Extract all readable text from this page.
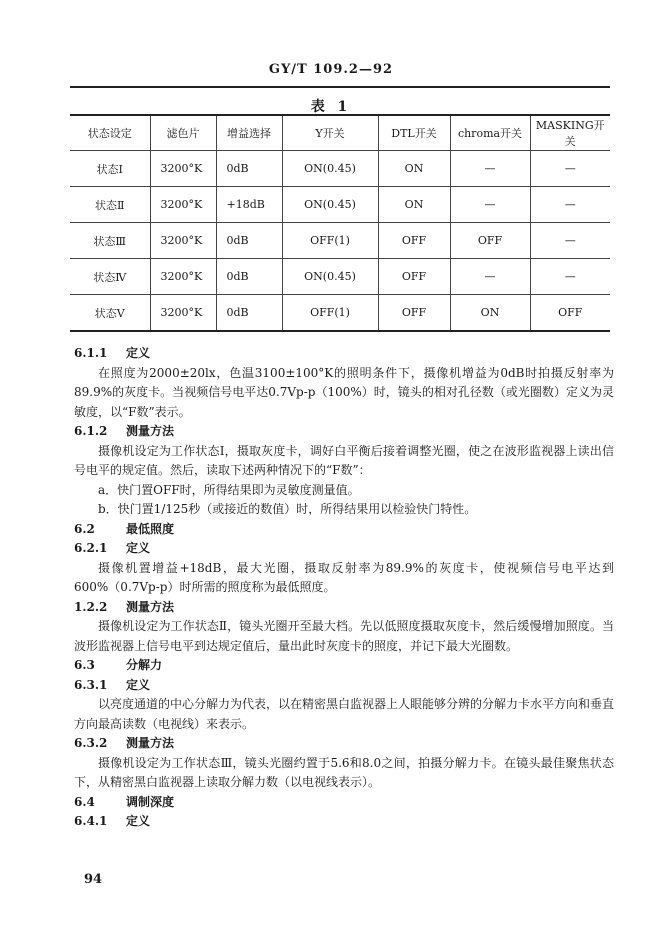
GY/T 109.2—92
表 1
状态设定	滤色片	增益选择	Y开关	DTL开关	chroma开关	MASKING开关
状态Ⅰ	3200°K	0dB	ON(0.45)	ON	—	—
状态Ⅱ	3200°K	+18dB	ON(0.45)	ON	—	—
状态Ⅲ	3200°K	0dB	OFF(1)	OFF	OFF	—
状态Ⅳ	3200°K	0dB	ON(0.45)	OFF	—	—
状态Ⅴ	3200°K	0dB	OFF(1)	OFF	ON	OFF

6.1.1 定义

在照度为2000±20lx，色温3100±100°K的照明条件下，摄像机增益为0dB时拍摄反射率为89.9%的灰度卡。当视频信号电平达0.7Vp-p（100%）时，镜头的相对孔径数（或光圈数）定义为灵敏度，以“F数”表示。

6.1.2 测量方法

摄像机设定为工作状态Ⅰ，摄取灰度卡，调好白平衡后接着调整光圈，使之在波形监视器上读出信号电平的规定值。然后，读取下述两种情况下的“F数”：

a．快门置OFF时，所得结果即为灵敏度测量值。

b．快门置1/125秒（或接近的数值）时，所得结果用以检验快门特性。

6.2	最低照度

6.2.1 定义

摄像机置增益+18dB，最大光圈，摄取反射率为89.9%的灰度卡，使视频信号电平达到600%（0.7Vp-p）时所需的照度称为最低照度。

1.2.2 测量方法

摄像机设定为工作状态Ⅱ，镜头光圈开至最大档。先以低照度摄取灰度卡，然后缓慢增加照度。当波形监视器上信号电平到达规定值后，量出此时灰度卡的照度，并记下最大光圈数。

6.3	分解力

6.3.1 定义

以亮度通道的中心分解力为代表，以在精密黑白监视器上人眼能够分辨的分解力卡水平方向和垂直方向最高读数（电视线）来表示。

6.3.2 测量方法

摄像机设定为工作状态Ⅲ，镜头光圈约置于5.6和8.0之间，拍摄分解力卡。在镜头最佳聚焦状态下，从精密黑白监视器上读取分解力数（以电视线表示）。

6.4	调制深度

6.4.1 定义

94
